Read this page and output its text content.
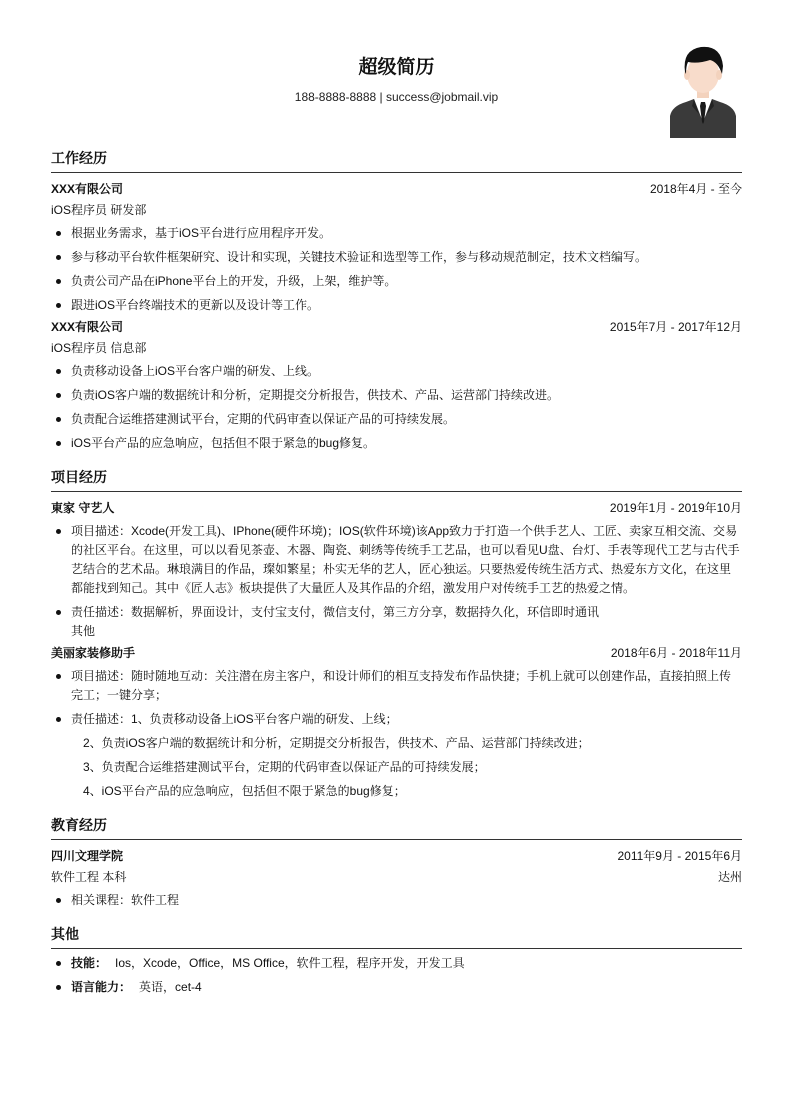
超级简历
188-8888-8888 | success@jobmail.vip
工作经历
XXX有限公司	2018年4月 - 至今
iOS程序员 研发部
根据业务需求，基于iOS平台进行应用程序开发。
参与移动平台软件框架研究、设计和实现，关键技术验证和选型等工作，参与移动规范制定，技术文档编写。
负责公司产品在iPhone平台上的开发，升级，上架，维护等。
跟进iOS平台终端技术的更新以及设计等工作。
XXX有限公司	2015年7月 - 2017年12月
iOS程序员 信息部
负责移动设备上iOS平台客户端的研发、上线。
负责iOS客户端的数据统计和分析，定期提交分析报告，供技术、产品、运营部门持续改进。
负责配合运维搭建测试平台，定期的代码审查以保证产品的可持续发展。
iOS平台产品的应急响应，包括但不限于紧急的bug修复。
项目经历
東家 守艺人	2019年1月 - 2019年10月
项目描述：Xcode(开发工具)、IPhone(硬件环境)；IOS(软件环境)该App致力于打造一个供手艺人、工匠、卖家互相交流、交易的社区平台。在这里，可以以看见茶壶、木器、陶瓷、刺绣等传统手工艺品，也可以看见U盘、台灯、手表等现代工艺与古代手艺结合的艺术品。琳琅满目的作品，璨如繁星；朴实无华的艺人，匠心独运。只要热爱传统生活方式、热爱东方文化，在这里都能找到知己。其中《匠人志》板块提供了大量匠人及其作品的介绍，激发用户对传统手工艺的热爱之情。
责任描述：数据解析，界面设计，支付宝支付，微信支付，第三方分享，数据持久化，环信即时通讯
其他
美丽家装修助手	2018年6月 - 2018年11月
项目描述：随时随地互动：关注潜在房主客户，和设计师们的相互支持发布作品快捷；手机上就可以创建作品，直接拍照上传完工；一键分享；
责任描述：1、负责移动设备上iOS平台客户端的研发、上线；
2、负责iOS客户端的数据统计和分析，定期提交分析报告，供技术、产品、运营部门持续改进；
3、负责配合运维搭建测试平台，定期的代码审查以保证产品的可持续发展；
4、iOS平台产品的应急响应，包括但不限于紧急的bug修复；
教育经历
四川文理学院	2011年9月 - 2015年6月
软件工程 本科	达州
相关课程：软件工程
其他
技能： Ios，Xcode，Office，MS Office，软件工程，程序开发，开发工具
语言能力： 英语，cet-4
